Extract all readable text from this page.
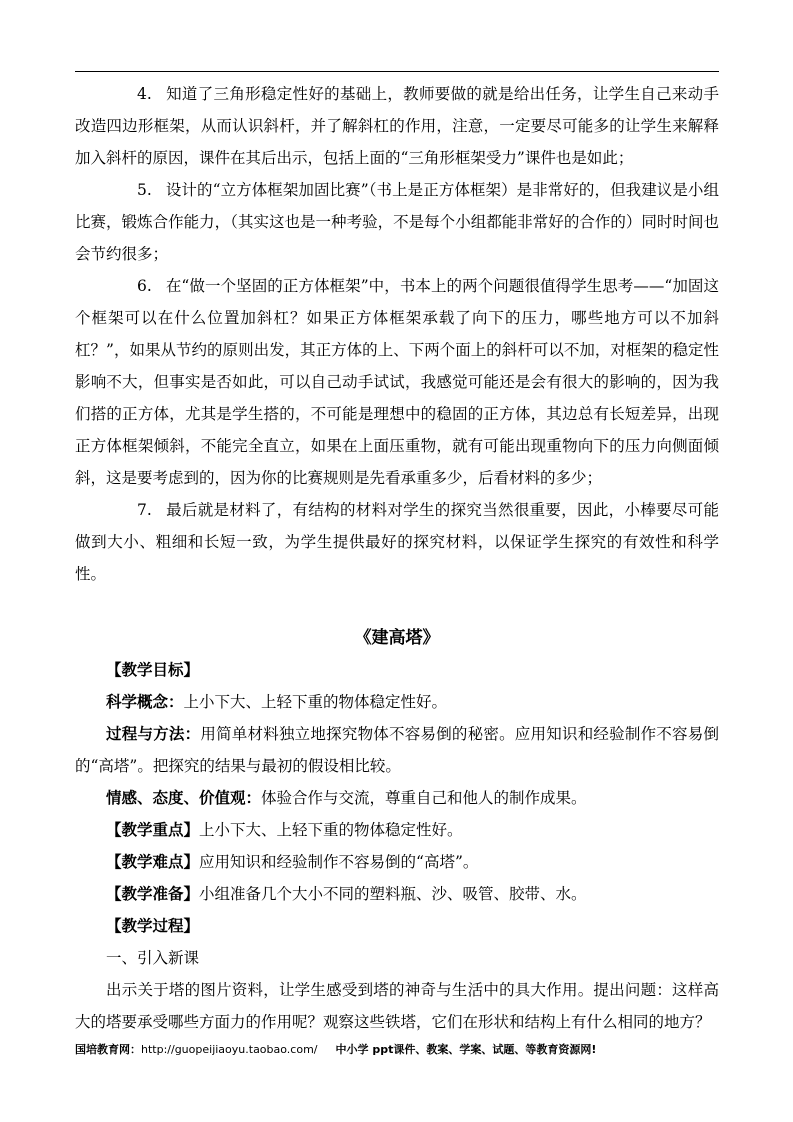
4. 知道了三角形稳定性好的基础上，教师要做的就是给出任务，让学生自己来动手改造四边形框架，从而认识斜杆，并了解斜杠的作用，注意，一定要尽可能多的让学生来解释加入斜杆的原因，课件在其后出示，包括上面的“三角形框架受力”课件也是如此；

5. 设计的“立方体框架加固比赛”（书上是正方体框架）是非常好的，但我建议是小组比赛，锻炼合作能力，（其实这也是一种考验，不是每个小组都能非常好的合作的）同时时间也会节约很多；

6. 在“做一个坚固的正方体框架”中，书本上的两个问题很值得学生思考——“加固这个框架可以在什么位置加斜杠？如果正方体框架承载了向下的压力，哪些地方可以不加斜杠？”，如果从节约的原则出发，其正方体的上、下两个面上的斜杆可以不加，对框架的稳定性影响不大，但事实是否如此，可以自己动手试试，我感觉可能还是会有很大的影响的，因为我们搭的正方体，尤其是学生搭的，不可能是理想中的稳固的正方体，其边总有长短差异，出现正方体框架倾斜，不能完全直立，如果在上面压重物，就有可能出现重物向下的压力向侧面倾斜，这是要考虑到的，因为你的比赛规则是先看承重多少，后看材料的多少；

7. 最后就是材料了，有结构的材料对学生的探究当然很重要，因此，小棒要尽可能做到大小、粗细和长短一致，为学生提供最好的探究材料，以保证学生探究的有效性和科学性。

《建高塔》

【教学目标】

科学概念：上小下大、上轻下重的物体稳定性好。

过程与方法：用简单材料独立地探究物体不容易倒的秘密。应用知识和经验制作不容易倒的“高塔”。把探究的结果与最初的假设相比较。

情感、态度、价值观：体验合作与交流，尊重自己和他人的制作成果。

【教学重点】上小下大、上轻下重的物体稳定性好。

【教学难点】应用知识和经验制作不容易倒的“高塔”。

【教学准备】小组准备几个大小不同的塑料瓶、沙、吸管、胶带、水。

【教学过程】

一、引入新课

出示关于塔的图片资料，让学生感受到塔的神奇与生活中的具大作用。提出问题：这样高大的塔要承受哪些方面力的作用呢？观察这些铁塔，它们在形状和结构上有什么相同的地方？

国培教育网：http://guopeijiaoyu.taobao.com/ 中小学 ppt课件、教案、学案、试题、等教育资源网!
